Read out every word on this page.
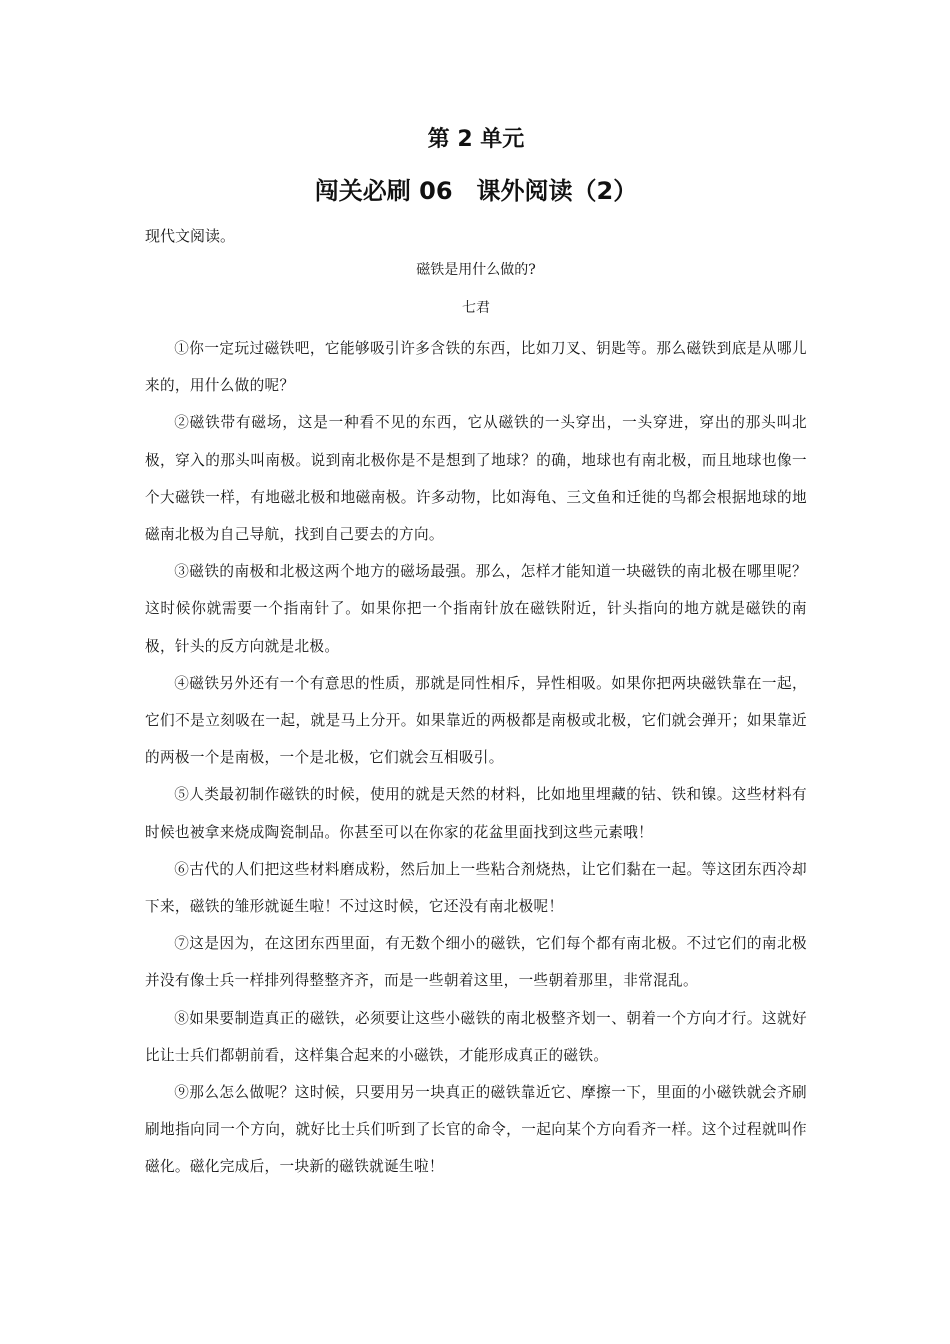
第 2 单元
闯关必刷 06　课外阅读（2）

现代文阅读。

磁铁是用什么做的?

七君

①你一定玩过磁铁吧，它能够吸引许多含铁的东西，比如刀叉、钥匙等。那么磁铁到底是从哪儿来的，用什么做的呢？

②磁铁带有磁场，这是一种看不见的东西，它从磁铁的一头穿出，一头穿进，穿出的那头叫北极，穿入的那头叫南极。说到南北极你是不是想到了地球？的确，地球也有南北极，而且地球也像一个大磁铁一样，有地磁北极和地磁南极。许多动物，比如海龟、三文鱼和迁徙的鸟都会根据地球的地磁南北极为自己导航，找到自己要去的方向。

③磁铁的南极和北极这两个地方的磁场最强。那么，怎样才能知道一块磁铁的南北极在哪里呢？这时候你就需要一个指南针了。如果你把一个指南针放在磁铁附近，针头指向的地方就是磁铁的南极，针头的反方向就是北极。

④磁铁另外还有一个有意思的性质，那就是同性相斥，异性相吸。如果你把两块磁铁靠在一起，它们不是立刻吸在一起，就是马上分开。如果靠近的两极都是南极或北极，它们就会弹开；如果靠近的两极一个是南极，一个是北极，它们就会互相吸引。

⑤人类最初制作磁铁的时候，使用的就是天然的材料，比如地里埋藏的钴、铁和镍。这些材料有时候也被拿来烧成陶瓷制品。你甚至可以在你家的花盆里面找到这些元素哦！

⑥古代的人们把这些材料磨成粉，然后加上一些粘合剂烧热，让它们黏在一起。等这团东西冷却下来，磁铁的雏形就诞生啦！不过这时候，它还没有南北极呢！

⑦这是因为，在这团东西里面，有无数个细小的磁铁，它们每个都有南北极。不过它们的南北极并没有像士兵一样排列得整整齐齐，而是一些朝着这里，一些朝着那里，非常混乱。

⑧如果要制造真正的磁铁，必须要让这些小磁铁的南北极整齐划一、朝着一个方向才行。这就好比让士兵们都朝前看，这样集合起来的小磁铁，才能形成真正的磁铁。

⑨那么怎么做呢？这时候，只要用另一块真正的磁铁靠近它、摩擦一下，里面的小磁铁就会齐刷刷地指向同一个方向，就好比士兵们听到了长官的命令，一起向某个方向看齐一样。这个过程就叫作磁化。磁化完成后，一块新的磁铁就诞生啦！
